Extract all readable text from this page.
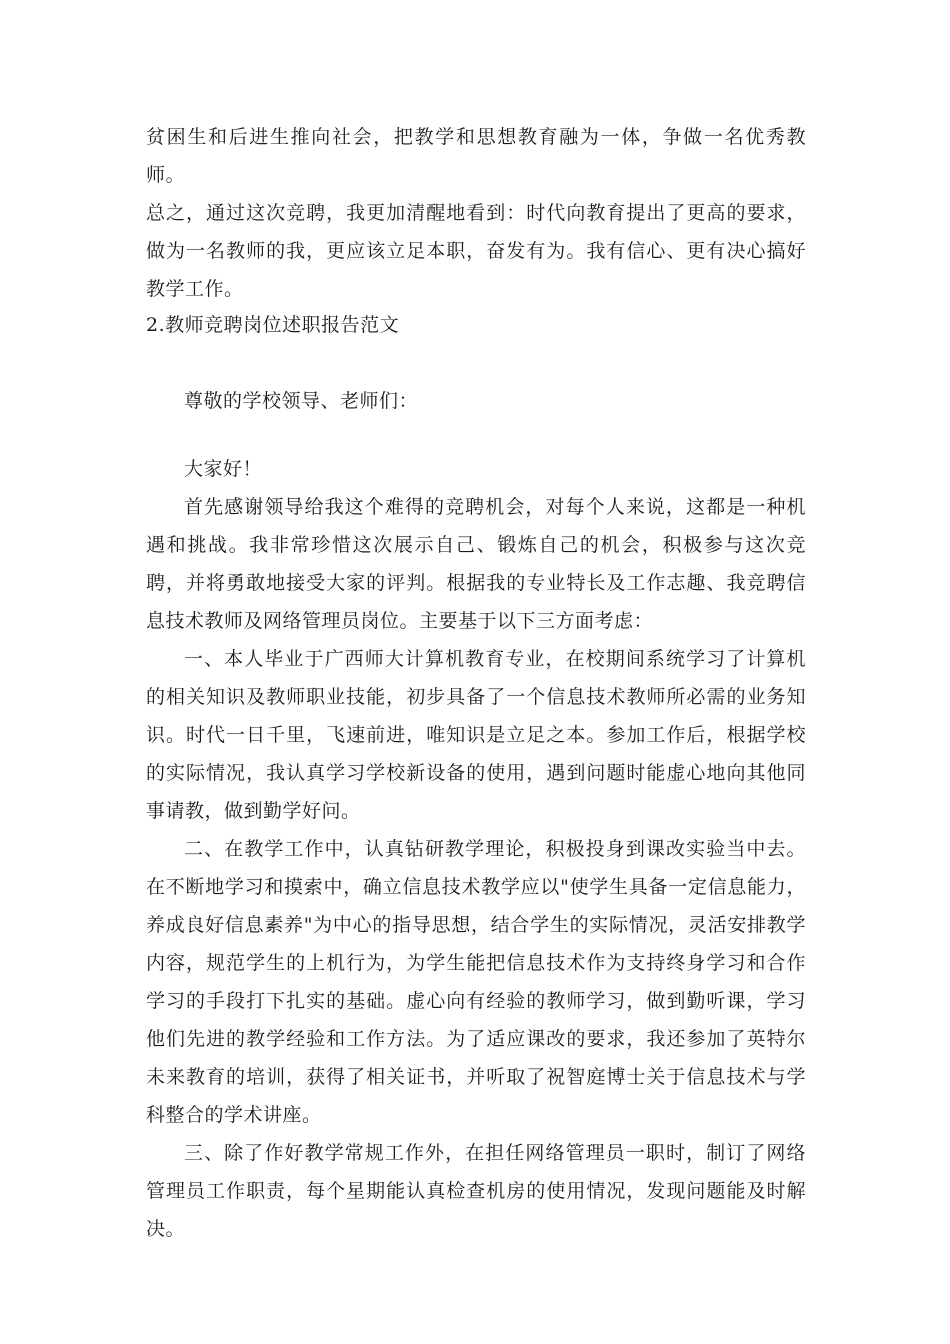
贫困生和后进生推向社会，把教学和思想教育融为一体，争做一名优秀教师。

总之，通过这次竞聘，我更加清醒地看到：时代向教育提出了更高的要求，做为一名教师的我，更应该立足本职，奋发有为。我有信心、更有决心搞好教学工作。

2.教师竞聘岗位述职报告范文
尊敬的学校领导、老师们：

大家好！

首先感谢领导给我这个难得的竞聘机会，对每个人来说，这都是一种机遇和挑战。我非常珍惜这次展示自己、锻炼自己的机会，积极参与这次竞聘，并将勇敢地接受大家的评判。根据我的专业特长及工作志趣、我竞聘信息技术教师及网络管理员岗位。主要基于以下三方面考虑：

一、本人毕业于广西师大计算机教育专业，在校期间系统学习了计算机的相关知识及教师职业技能，初步具备了一个信息技术教师所必需的业务知识。时代一日千里，飞速前进，唯知识是立足之本。参加工作后，根据学校的实际情况，我认真学习学校新设备的使用，遇到问题时能虚心地向其他同事请教，做到勤学好问。

二、在教学工作中，认真钻研教学理论，积极投身到课改实验当中去。在不断地学习和摸索中，确立信息技术教学应以"使学生具备一定信息能力，养成良好信息素养"为中心的指导思想，结合学生的实际情况，灵活安排教学内容，规范学生的上机行为，为学生能把信息技术作为支持终身学习和合作学习的手段打下扎实的基础。虚心向有经验的教师学习，做到勤听课，学习他们先进的教学经验和工作方法。为了适应课改的要求，我还参加了英特尔未来教育的培训，获得了相关证书，并听取了祝智庭博士关于信息技术与学科整合的学术讲座。

三、除了作好教学常规工作外，在担任网络管理员一职时，制订了网络管理员工作职责，每个星期能认真检查机房的使用情况，发现问题能及时解决。
